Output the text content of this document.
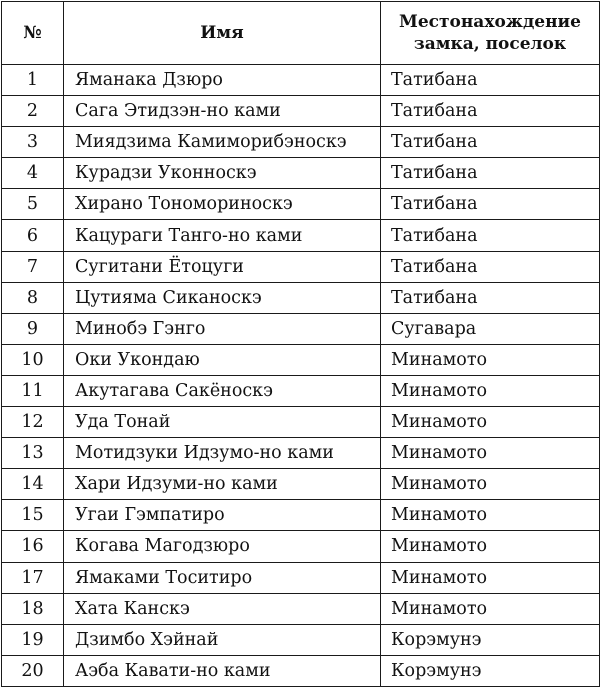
№	Имя	Местонахождение
замка, поселок
1	Яманака Дзюро	Татибана
2	Сага Этидзэн-но ками	Татибана
3	Миядзима Камиморибэноскэ	Татибана
4	Курадзи Уконноскэ	Татибана
5	Хирано Тономориноскэ	Татибана
6	Кацураги Танго-но ками	Татибана
7	Сугитани Ётоцуги	Татибана
8	Цутияма Сиканоскэ	Татибана
9	Минобэ Гэнго	Сугавара
10	Оки Укондаю	Минамото
11	Акутагава Сакёноскэ	Минамото
12	Уда Тонай	Минамото
13	Мотидзуки Идзумо-но ками	Минамото
14	Хари Идзуми-но ками	Минамото
15	Угаи Гэмпатиро	Минамото
16	Когава Магодзюро	Минамото
17	Ямаками Тоситиро	Минамото
18	Хата Канскэ	Минамото
19	Дзимбо Хэйнай	Корэмунэ
20	Аэба Кавати-но ками	Корэмунэ
